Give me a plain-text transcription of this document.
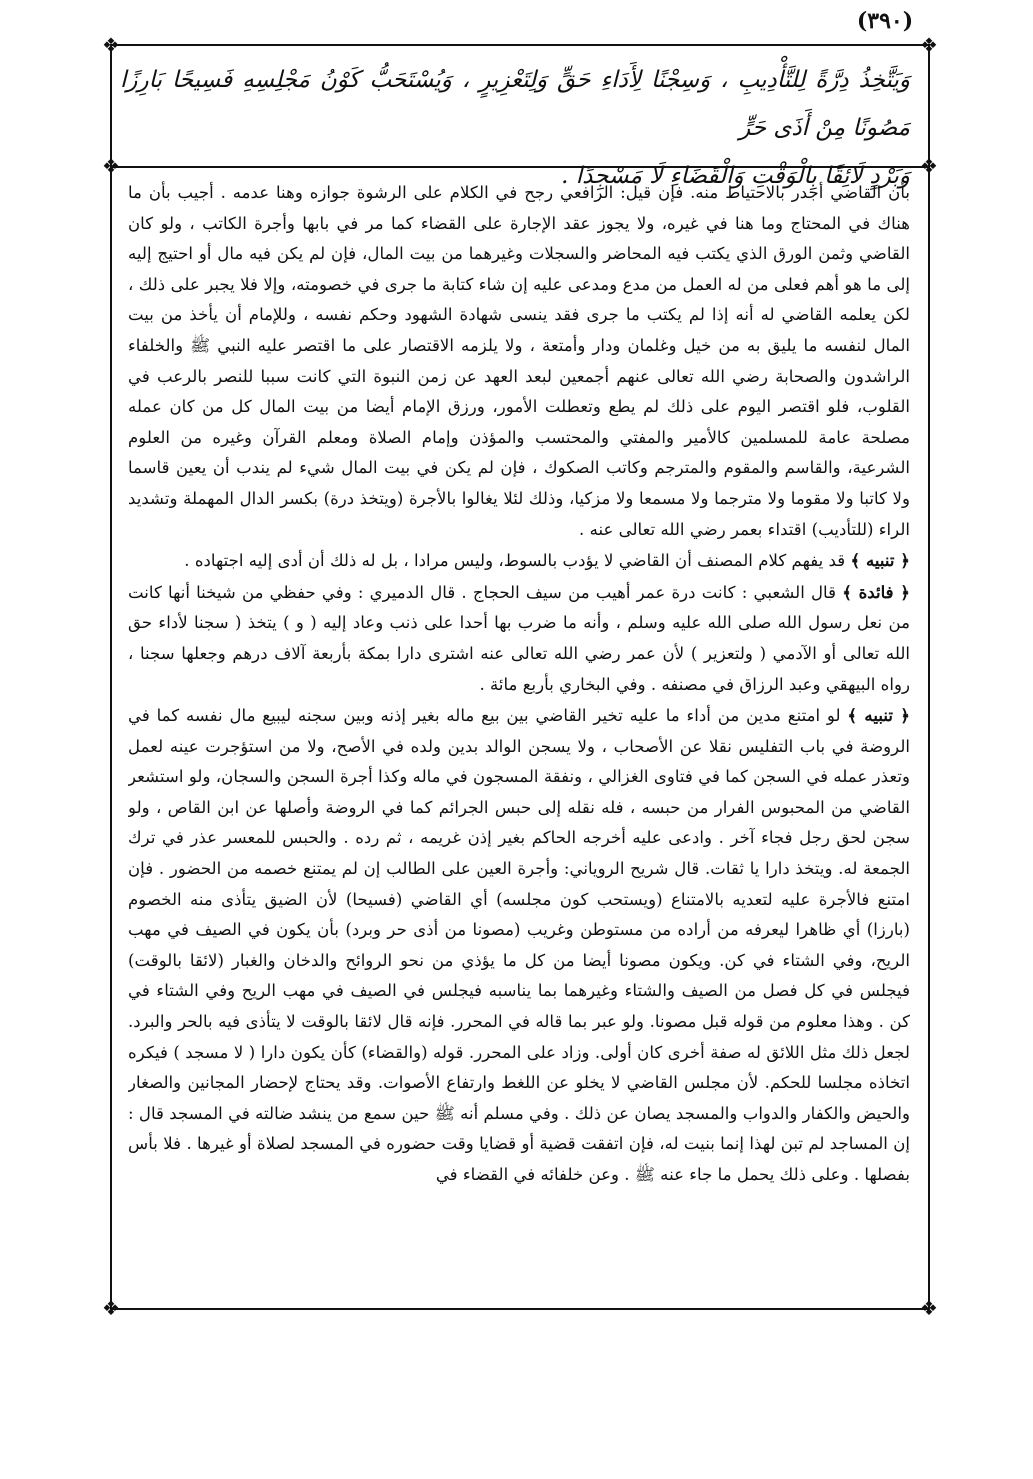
(٣٩٠)
❖	❖
❖	❖
❖	❖

وَيَتَّخِذُ دِرَّةً لِلتَّأْدِيبِ ، وَسِجْنًا لِأَدَاءِ حَقٍّ وَلِتَعْزِيرٍ ، وَيُسْتَحَبُّ كَوْنُ مَجْلِسِهِ فَسِيحًا بَارِزًا مَصُونًا مِنْ أَذَى حَرٍّ

وَبَرْدٍ لَائِقًا بِالْوَقْتِ وَالْقَضَاءِ لَا مَسْجِدًا .

بأن القاضي أجدر بالاحتياط منه. فإن قيل: الرافعي رجح في الكلام على الرشوة جوازه وهنا عدمه . أجيب بأن ما هناك في المحتاج وما هنا في غيره، ولا يجوز عقد الإجارة على القضاء كما مر في بابها وأجرة الكاتب ، ولو كان القاضي وثمن الورق الذي يكتب فيه المحاضر والسجلات وغيرهما من بيت المال، فإن لم يكن فيه مال أو احتيج إليه إلى ما هو أهم فعلى من له العمل من مدع ومدعى عليه إن شاء كتابة ما جرى في خصومته، وإلا فلا يجبر على ذلك ، لكن يعلمه القاضي له أنه إذا لم يكتب ما جرى فقد ينسى شهادة الشهود وحكم نفسه ، وللإمام أن يأخذ من بيت المال لنفسه ما يليق به من خيل وغلمان ودار وأمتعة ، ولا يلزمه الاقتصار على ما اقتصر عليه النبي ﷺ والخلفاء الراشدون والصحابة رضي الله تعالى عنهم أجمعين لبعد العهد عن زمن النبوة التي كانت سببا للنصر بالرعب في القلوب، فلو اقتصر اليوم على ذلك لم يطع وتعطلت الأمور، ورزق الإمام أيضا من بيت المال كل من كان عمله مصلحة عامة للمسلمين كالأمير والمفتي والمحتسب والمؤذن وإمام الصلاة ومعلم القرآن وغيره من العلوم الشرعية، والقاسم والمقوم والمترجم وكاتب الصكوك ، فإن لم يكن في بيت المال شيء لم يندب أن يعين قاسما ولا كاتبا ولا مقوما ولا مترجما ولا مسمعا ولا مزكيا، وذلك لئلا يغالوا بالأجرة (ويتخذ درة) بكسر الدال المهملة وتشديد الراء (للتأديب) اقتداء بعمر رضي الله تعالى عنه .

﴿ تنبيه ﴾ قد يفهم كلام المصنف أن القاضي لا يؤدب بالسوط، وليس مرادا ، بل له ذلك أن أدى إليه اجتهاده .

﴿ فائدة ﴾ قال الشعبي : كانت درة عمر أهيب من سيف الحجاج . قال الدميري : وفي حفظي من شيخنا أنها كانت من نعل رسول الله صلى الله عليه وسلم ، وأنه ما ضرب بها أحدا على ذنب وعاد إليه ( و ) يتخذ ( سجنا لأداء حق الله تعالى أو الآدمي ( ولتعزير ) لأن عمر رضي الله تعالى عنه اشترى دارا بمكة بأربعة آلاف درهم وجعلها سجنا ، رواه البيهقي وعبد الرزاق في مصنفه . وفي البخاري بأربع مائة .

﴿ تنبيه ﴾ لو امتنع مدين من أداء ما عليه تخير القاضي بين بيع ماله بغير إذنه وبين سجنه ليبيع مال نفسه كما في الروضة في باب التفليس نقلا عن الأصحاب ، ولا يسجن الوالد بدين ولده في الأصح، ولا من استؤجرت عينه لعمل وتعذر عمله في السجن كما في فتاوى الغزالي ، ونفقة المسجون في ماله وكذا أجرة السجن والسجان، ولو استشعر القاضي من المحبوس الفرار من حبسه ، فله نقله إلى حبس الجرائم كما في الروضة وأصلها عن ابن القاص ، ولو سجن لحق رجل فجاء آخر . وادعى عليه أخرجه الحاكم بغير إذن غريمه ، ثم رده . والحبس للمعسر عذر في ترك الجمعة له. ويتخذ دارا يا ثقات. قال شريح الروياني: وأجرة العين على الطالب إن لم يمتنع خصمه من الحضور . فإن امتنع فالأجرة عليه لتعديه بالامتناع (ويستحب كون مجلسه) أي القاضي (فسيحا) لأن الضيق يتأذى منه الخصوم (بارزا) أي ظاهرا ليعرفه من أراده من مستوطن وغريب (مصونا من أذى حر وبرد) بأن يكون في الصيف في مهب الريح، وفي الشتاء في كن. ويكون مصونا أيضا من كل ما يؤذي من نحو الروائح والدخان والغبار (لائقا بالوقت) فيجلس في كل فصل من الصيف والشتاء وغيرهما بما يناسبه فيجلس في الصيف في مهب الريح وفي الشتاء في كن . وهذا معلوم من قوله قبل مصونا. ولو عبر بما قاله في المحرر. فإنه قال لائقا بالوقت لا يتأذى فيه بالحر والبرد. لجعل ذلك مثل اللائق له صفة أخرى كان أولى. وزاد على المحرر. قوله (والقضاء) كأن يكون دارا ( لا مسجد ) فيكره اتخاذه مجلسا للحكم. لأن مجلس القاضي لا يخلو عن اللغط وارتفاع الأصوات. وقد يحتاج لإحضار المجانين والصغار والحيض والكفار والدواب والمسجد يصان عن ذلك . وفي مسلم أنه ﷺ حين سمع من ينشد ضالته في المسجد قال : إن المساجد لم تبن لهذا إنما بنيت له، فإن اتفقت قضية أو قضايا وقت حضوره في المسجد لصلاة أو غيرها . فلا بأس بفصلها . وعلى ذلك يحمل ما جاء عنه ﷺ . وعن خلفائه في القضاء في
